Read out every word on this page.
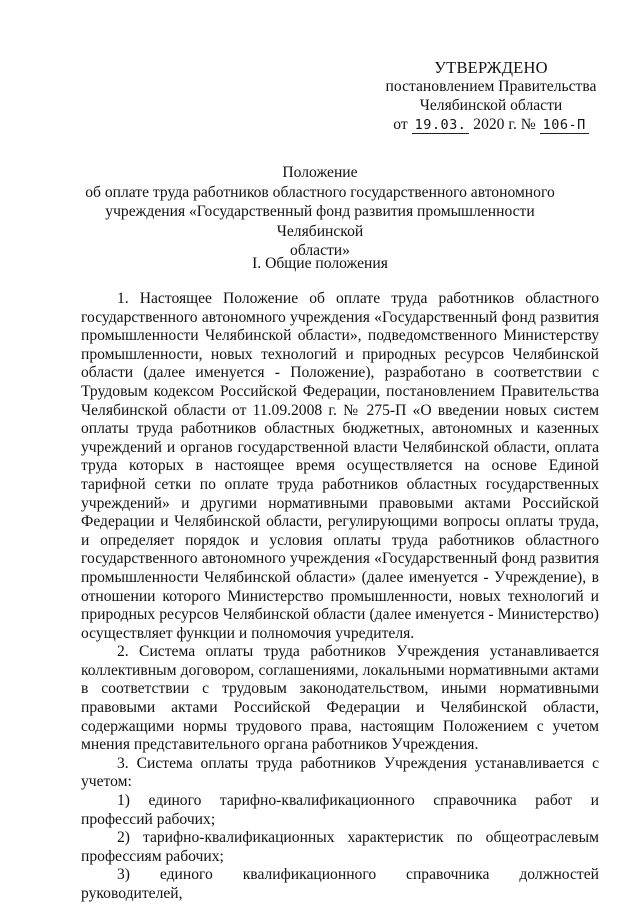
УТВЕРЖДЕНО
постановлением Правительства
Челябинской области
от 19.03. 2020 г. № 106-П
Положение
об оплате труда работников областного государственного автономного
учреждения «Государственный фонд развития промышленности Челябинской
области»
I. Общие положения

1. Настоящее Положение об оплате труда работников областного государственного автономного учреждения «Государственный фонд развития промышленности Челябинской области», подведомственного Министерству промышленности, новых технологий и природных ресурсов Челябинской области (далее именуется - Положение), разработано в соответствии с Трудовым кодексом Российской Федерации, постановлением Правительства Челябинской области от 11.09.2008 г. № 275-П «О введении новых систем оплаты труда работников областных бюджетных, автономных и казенных учреждений и органов государственной власти Челябинской области, оплата труда которых в настоящее время осуществляется на основе Единой тарифной сетки по оплате труда работников областных государственных учреждений» и другими нормативными правовыми актами Российской Федерации и Челябинской области, регулирующими вопросы оплаты труда, и определяет порядок и условия оплаты труда работников областного государственного автономного учреждения «Государственный фонд развития промышленности Челябинской области» (далее именуется - Учреждение), в отношении которого Министерство промышленности, новых технологий и природных ресурсов Челябинской области (далее именуется - Министерство) осуществляет функции и полномочия учредителя.

2. Система оплаты труда работников Учреждения устанавливается коллективным договором, соглашениями, локальными нормативными актами в соответствии с трудовым законодательством, иными нормативными правовыми актами Российской Федерации и Челябинской области, содержащими нормы трудового права, настоящим Положением с учетом мнения представительного органа работников Учреждения.

3. Система оплаты труда работников Учреждения устанавливается с учетом:

1) единого тарифно-квалификационного справочника работ и профессий рабочих;

2) тарифно-квалификационных характеристик по общеотраслевым профессиям рабочих;

3) единого квалификационного справочника должностей руководителей,
